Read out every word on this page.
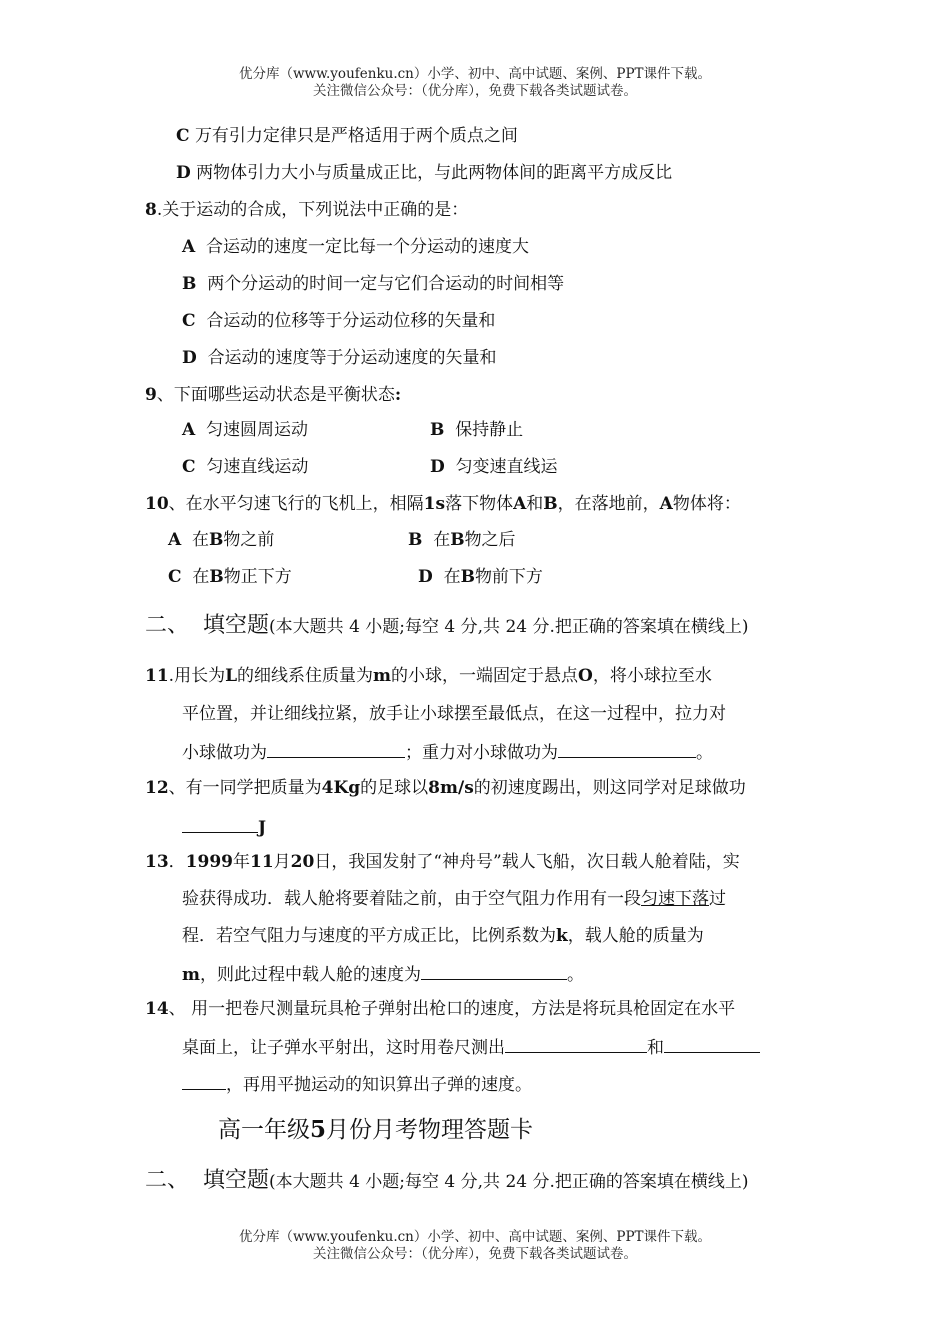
优分库（www.youfenku.cn）小学、初中、高中试题、案例、PPT课件下载。
关注微信公众号：（优分库），免费下载各类试题试卷。
C 万有引力定律只是严格适用于两个质点之间
D 两物体引力大小与质量成正比，与此两物体间的距离平方成反比
8.关于运动的合成，下列说法中正确的是：
A 合运动的速度一定比每一个分运动的速度大
B 两个分运动的时间一定与它们合运动的时间相等
C 合运动的位移等于分运动位移的矢量和
D 合运动的速度等于分运动速度的矢量和
9、下面哪些运动状态是平衡状态:
A 匀速圆周运动	B 保持静止
C 匀速直线运动	D 匀变速直线运
10、在水平匀速飞行的飞机上，相隔1s落下物体A和B，在落地前，A物体将：
A 在B物之前	B 在B物之后
C 在B物正下方	D 在B物前下方
二、 填空题(本大题共 4 小题;每空 4 分,共 24 分.把正确的答案填在横线上)
11.用长为L的细线系住质量为m的小球，一端固定于悬点O，将小球拉至水
平位置，并让细线拉紧，放手让小球摆至最低点，在这一过程中，拉力对
小球做功为	；重力对小球做功为	。
12、有一同学把质量为4Kg的足球以8m/s的初速度踢出，则这同学对足球做功
J
13．1999年11月20日，我国发射了“神舟号”载人飞船，次日载人舱着陆，实
验获得成功．载人舱将要着陆之前，由于空气阻力作用有一段匀速下落过
程．若空气阻力与速度的平方成正比，比例系数为k，载人舱的质量为
m，则此过程中载人舱的速度为	。
14、 用一把卷尺测量玩具枪子弹射出枪口的速度，方法是将玩具枪固定在水平
桌面上，让子弹水平射出，这时用卷尺测出	和
，再用平抛运动的知识算出子弹的速度。
高一年级5月份月考物理答题卡
二、 填空题(本大题共 4 小题;每空 4 分,共 24 分.把正确的答案填在横线上)
优分库（www.youfenku.cn）小学、初中、高中试题、案例、PPT课件下载。
关注微信公众号：（优分库），免费下载各类试题试卷。
